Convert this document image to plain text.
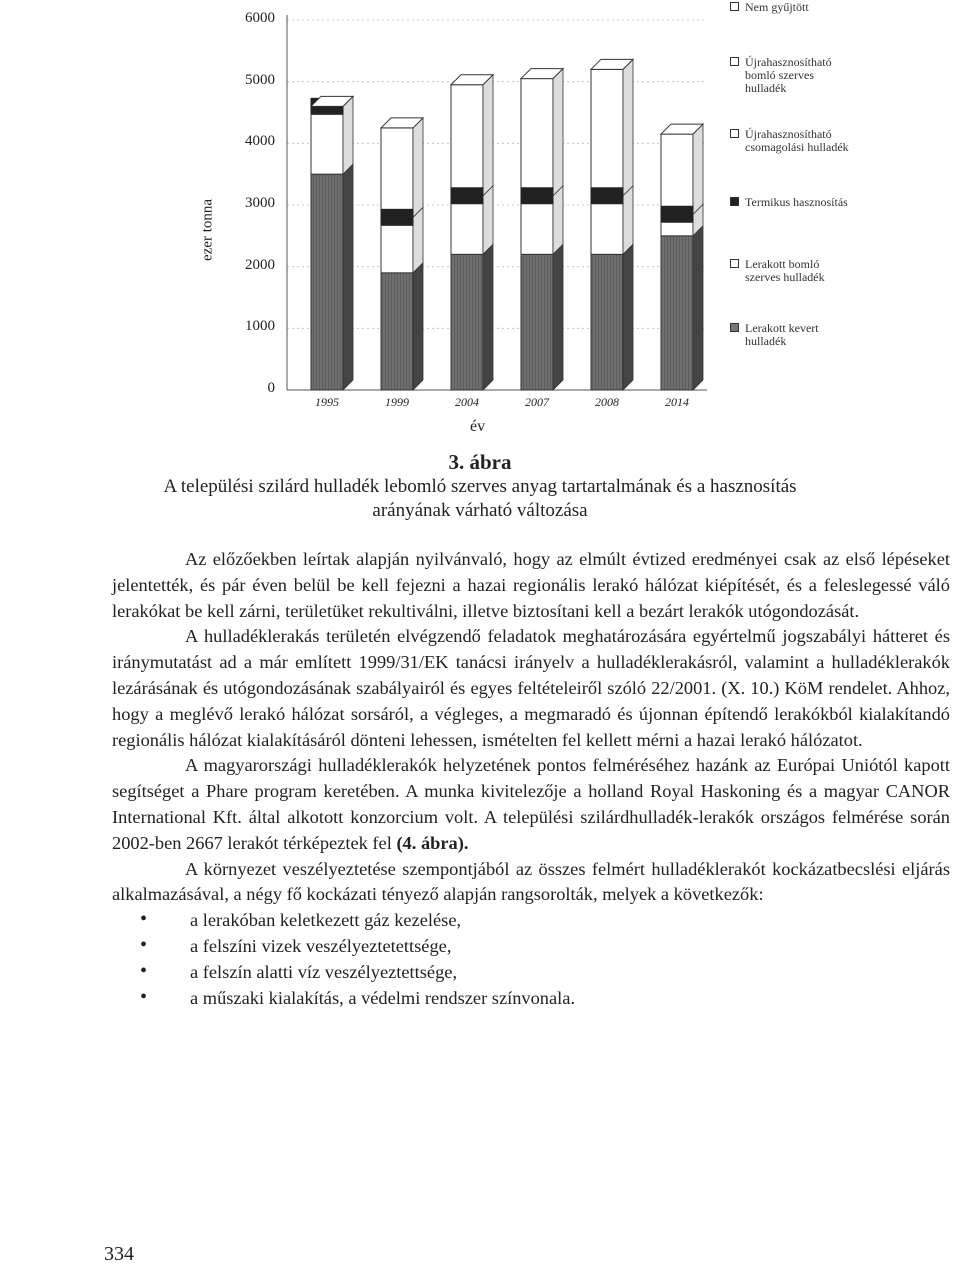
ezer tonna
0
1000
2000
3000
4000
5000
6000
1995	1999	2004	2007	2008	2014
év
Nem gyűjtött
Újrahasznosítható
bomló szerves
hulladék
Újrahasznosítható
csomagolási hulladék
Termikus hasznosítás
Lerakott bomló
szerves hulladék
Lerakott kevert
hulladék
3. ábra
A települési szilárd hulladék lebomló szerves anyag tartartalmának és a hasznosítás
arányának várható változása

Az előzőekben leírtak alapján nyilvánvaló, hogy az elmúlt évtized eredményei csak az első lépéseket jelentették, és pár éven belül be kell fejezni a hazai regionális lerakó hálózat kiépítését, és a feleslegessé váló lerakókat be kell zárni, területüket rekultiválni, illetve biztosítani kell a bezárt lerakók utógondozását.

A hulladéklerakás területén elvégzendő feladatok meghatározására egyértelmű jogszabályi hátteret és iránymutatást ad a már említett 1999/31/EK tanácsi irányelv a hulladéklerakásról, valamint a hulladéklerakók lezárásának és utógondozásának szabályairól és egyes feltételeiről szóló 22/2001. (X. 10.) KöM rendelet. Ahhoz, hogy a meglévő lerakó hálózat sorsáról, a végleges, a megmaradó és újonnan építendő lerakókból kialakítandó regionális hálózat kialakításáról dönteni lehessen, ismételten fel kellett mérni a hazai lerakó hálózatot.

A magyarországi hulladéklerakók helyzetének pontos felméréséhez hazánk az Európai Uniótól kapott segítséget a Phare program keretében. A munka kivitelezője a holland Royal Haskoning és a magyar CANOR International Kft. által alkotott konzorcium volt. A települési szilárdhulladék-lerakók országos felmérése során 2002-ben 2667 lerakót térképeztek fel (4. ábra).

A környezet veszélyeztetése szempontjából az összes felmért hulladéklerakót kockázatbecslési eljárás alkalmazásával, a négy fő kockázati tényező alapján rangsorolták, melyek a következők:

• a lerakóban keletkezett gáz kezelése,
• a felszíni vizek veszélyeztetettsége,
• a felszín alatti víz veszélyeztettsége,
• a műszaki kialakítás, a védelmi rendszer színvonala.
334
